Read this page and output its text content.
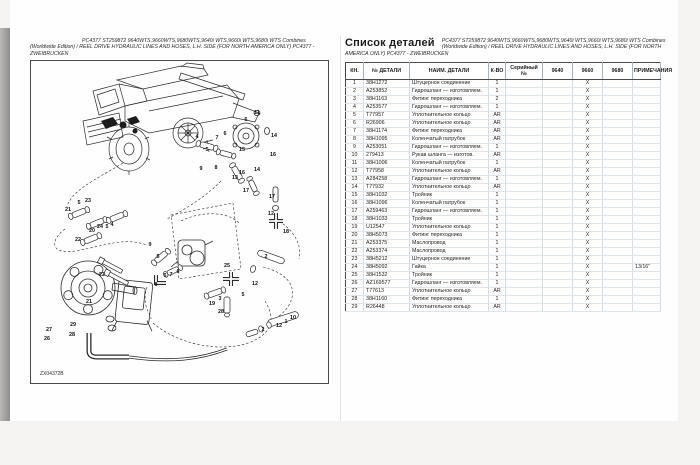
PC4377 ST259872 9640WTS,9660WTS,9680WTS,9640i WTS,9660i WTS,9680i WTS Combines (Worldwide Edition) / REEL DRIVE HYDRAULIC LINES AND HOSES, L.H. SIDE (FOR NORTH AMERICA ONLY) PC4377 - ZWEIBRUCKEN

4
5
7
6
6
11
14
15
16
9 8
13
16 14
17
17
12
18
23
5
21
24 5 4
20
22
9
5
6 7 6
8
22
21
29
27
28
26
2
25
12
5
3
19
28
10
1
12
2
ZX04372B
Список деталей	PC4377 ST259872 9640WTS,9660WTS,9680WTS,9640i WTS,9660i WTS,9680i WTS Combines (Worldwide Edition) / REEL DRIVE HYDRAULIC LINES AND HOSES, L.H. SIDE (FOR NORTH AMERICA ONLY) PC4377 - ZWEIBRUCKEN

КН.	№ ДЕТАЛИ	НАИМ. ДЕТАЛИ	К-ВО	Серийный №	9640	9660	9680	ПРИМЕЧАНИЯ
1	38H1272	Штуцерное соединение	1			X		
2	A253852	Гидрошланг — изготовляем.	1			X		
3	38H1163	Фитинг переходника	2			X		
4	A253577	Гидрошланг — изготовляем.	1			X		
5	T77957	Уплотнительное кольцо	AR			X		
6	R26906	Уплотнительное кольцо	AR			X		
7	38H1174	Фитинг переходника	AR			X		
8	38H1095	Коленчатый патрубок	AR			X		
9	A253051	Гидрошланг — изготовляем.	1			X		
10	279413	Рукав шланга — изготов.	AR			X		
11	38H1006	Коленчатый патрубок	1			X		
12	T77958	Уплотнительное кольцо	AR			X		
13	A284258	Гидрошланг — изготовляем.	1			X		
14	T77932	Уплотнительное кольцо	AR			X		
15	38H1032	Тройник	1			X		
16	38H1096	Коленчатый патрубок	1			X		
17	A259463	Гидрошланг — изготовляем.	1			X		
18	38H1033	Тройник	1			X		
19	U12547	Уплотнительное кольцо	1			X		
20	38H5073	Фитинг переходника	1			X		
21	A253375	Маслопровод	1			X		
22	A253374	Маслопровод	1			X		
23	38H5212	Штуцерное соединение	1			X		
24	38H5092	Гайка	1			X		13/16"
25	38H1532	Тройник	1			X		
26	AZ169577	Гидрошланг — изготовляем.	1			X		
27	T77613	Уплотнительное кольцо	AR			X		
28	38H1160	Фитинг переходника	1			X		
29	R26448	Уплотнительное кольцо	AR			X		
